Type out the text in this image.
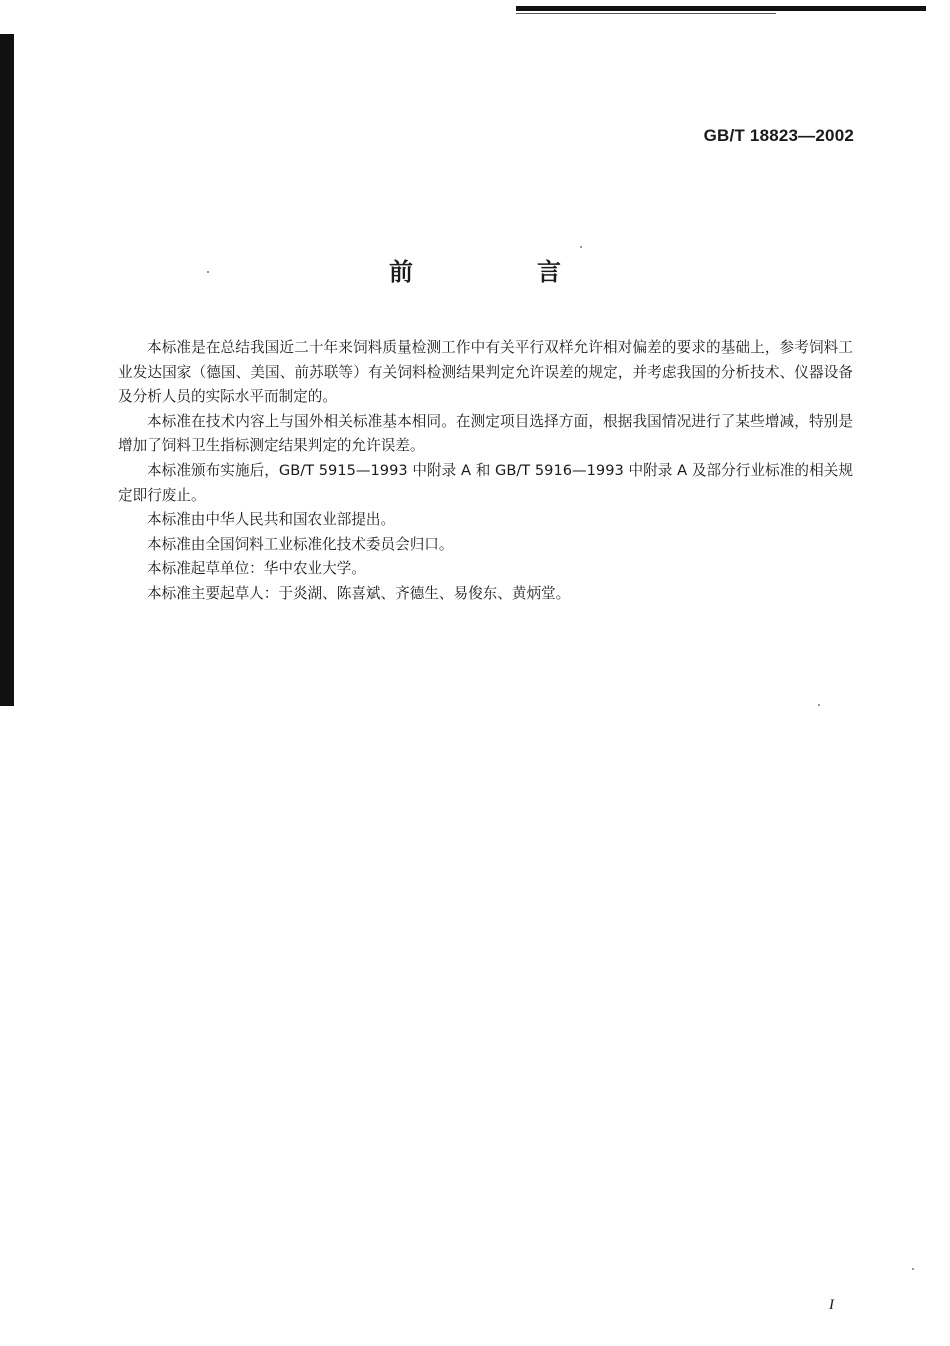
GB/T 18823—2002
前　言

本标准是在总结我国近二十年来饲料质量检测工作中有关平行双样允许相对偏差的要求的基础上，参考饲料工业发达国家（德国、美国、前苏联等）有关饲料检测结果判定允许误差的规定，并考虑我国的分析技术、仪器设备及分析人员的实际水平而制定的。

本标准在技术内容上与国外相关标准基本相同。在测定项目选择方面，根据我国情况进行了某些增减，特别是增加了饲料卫生指标测定结果判定的允许误差。

本标准颁布实施后，GB/T 5915—1993 中附录 A 和 GB/T 5916—1993 中附录 A 及部分行业标准的相关规定即行废止。

本标准由中华人民共和国农业部提出。

本标准由全国饲料工业标准化技术委员会归口。

本标准起草单位：华中农业大学。

本标准主要起草人：于炎湖、陈喜斌、齐德生、易俊东、黄炳堂。

I
